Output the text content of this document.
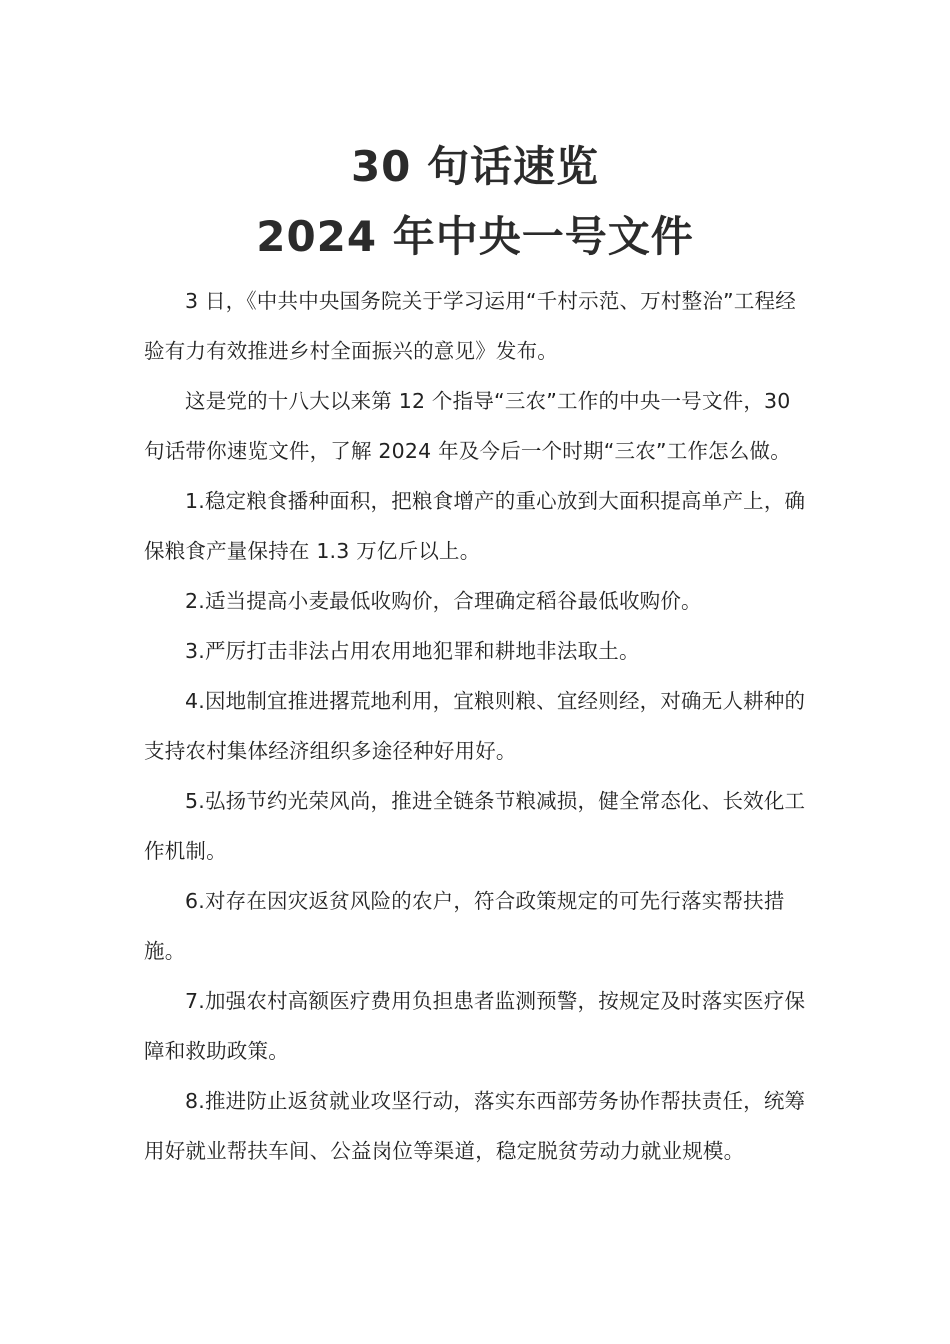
30 句话速览
2024 年中央一号文件

3 日，《中共中央国务院关于学习运用“千村示范、万村整治”工程经验有力有效推进乡村全面振兴的意见》发布。

这是党的十八大以来第 12 个指导“三农”工作的中央一号文件，30 句话带你速览文件，了解 2024 年及今后一个时期“三农”工作怎么做。

1.稳定粮食播种面积，把粮食增产的重心放到大面积提高单产上，确保粮食产量保持在 1.3 万亿斤以上。

2.适当提高小麦最低收购价，合理确定稻谷最低收购价。

3.严厉打击非法占用农用地犯罪和耕地非法取土。

4.因地制宜推进撂荒地利用，宜粮则粮、宜经则经，对确无人耕种的支持农村集体经济组织多途径种好用好。

5.弘扬节约光荣风尚，推进全链条节粮减损，健全常态化、长效化工作机制。

6.对存在因灾返贫风险的农户，符合政策规定的可先行落实帮扶措施。

7.加强农村高额医疗费用负担患者监测预警，按规定及时落实医疗保障和救助政策。

8.推进防止返贫就业攻坚行动，落实东西部劳务协作帮扶责任，统筹用好就业帮扶车间、公益岗位等渠道，稳定脱贫劳动力就业规模。
